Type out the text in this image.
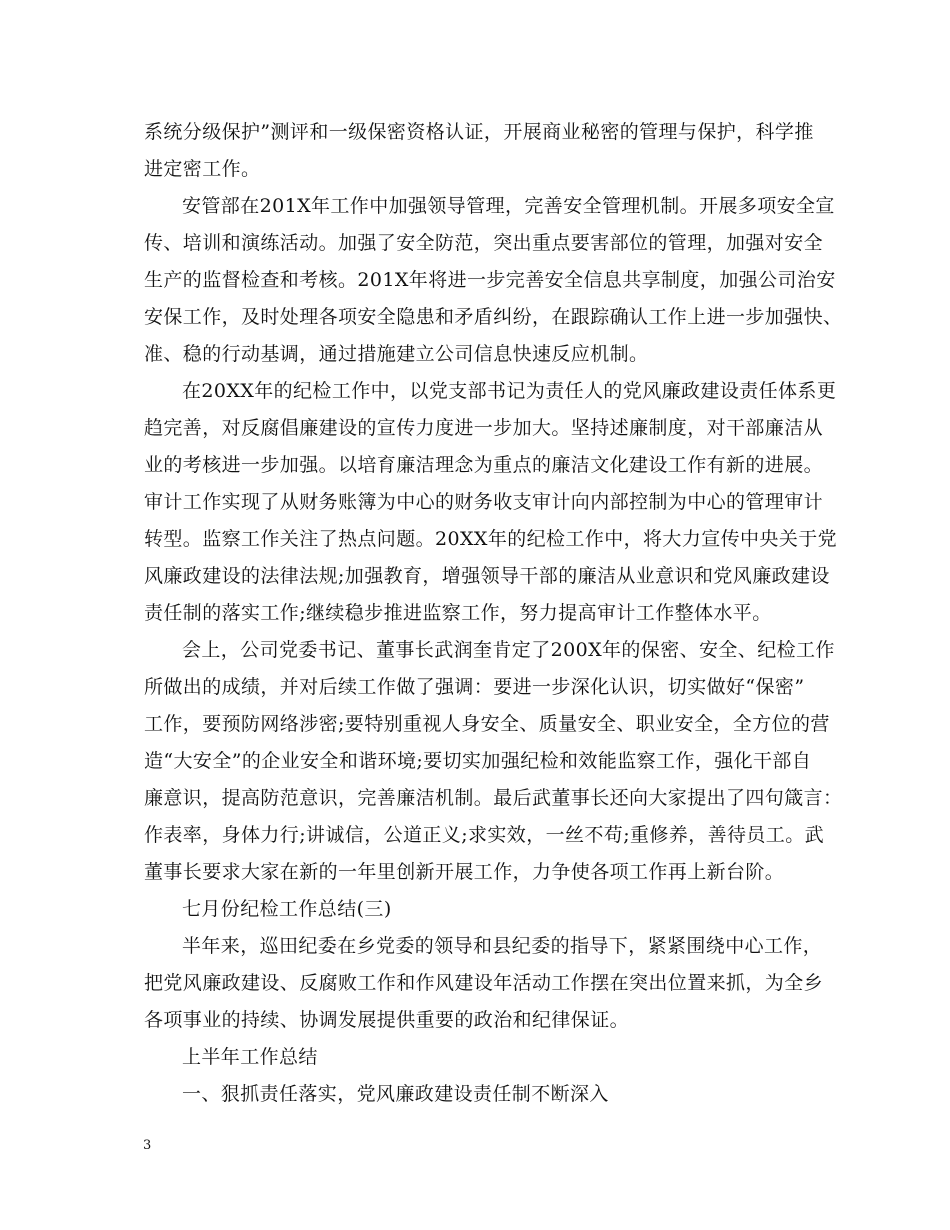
系统分级保护”测评和一级保密资格认证，开展商业秘密的管理与保护，科学推
进定密工作。
安管部在201X年工作中加强领导管理，完善安全管理机制。开展多项安全宣
传、培训和演练活动。加强了安全防范，突出重点要害部位的管理，加强对安全
生产的监督检查和考核。201X年将进一步完善安全信息共享制度，加强公司治安
安保工作，及时处理各项安全隐患和矛盾纠纷，在跟踪确认工作上进一步加强快、
准、稳的行动基调，通过措施建立公司信息快速反应机制。
在20XX年的纪检工作中，以党支部书记为责任人的党风廉政建设责任体系更
趋完善，对反腐倡廉建设的宣传力度进一步加大。坚持述廉制度，对干部廉洁从
业的考核进一步加强。以培育廉洁理念为重点的廉洁文化建设工作有新的进展。
审计工作实现了从财务账簿为中心的财务收支审计向内部控制为中心的管理审计
转型。监察工作关注了热点问题。20XX年的纪检工作中，将大力宣传中央关于党
风廉政建设的法律法规;加强教育，增强领导干部的廉洁从业意识和党风廉政建设
责任制的落实工作;继续稳步推进监察工作，努力提高审计工作整体水平。
会上，公司党委书记、董事长武润奎肯定了200X年的保密、安全、纪检工作
所做出的成绩，并对后续工作做了强调：要进一步深化认识，切实做好“保密”
工作，要预防网络涉密;要特别重视人身安全、质量安全、职业安全，全方位的营
造“大安全”的企业安全和谐环境;要切实加强纪检和效能监察工作，强化干部自
廉意识，提高防范意识，完善廉洁机制。最后武董事长还向大家提出了四句箴言：
作表率，身体力行;讲诚信，公道正义;求实效，一丝不苟;重修养，善待员工。武
董事长要求大家在新的一年里创新开展工作，力争使各项工作再上新台阶。
七月份纪检工作总结(三)
半年来，巡田纪委在乡党委的领导和县纪委的指导下，紧紧围绕中心工作，
把党风廉政建设、反腐败工作和作风建设年活动工作摆在突出位置来抓，为全乡
各项事业的持续、协调发展提供重要的政治和纪律保证。
上半年工作总结
一、狠抓责任落实，党风廉政建设责任制不断深入
3
